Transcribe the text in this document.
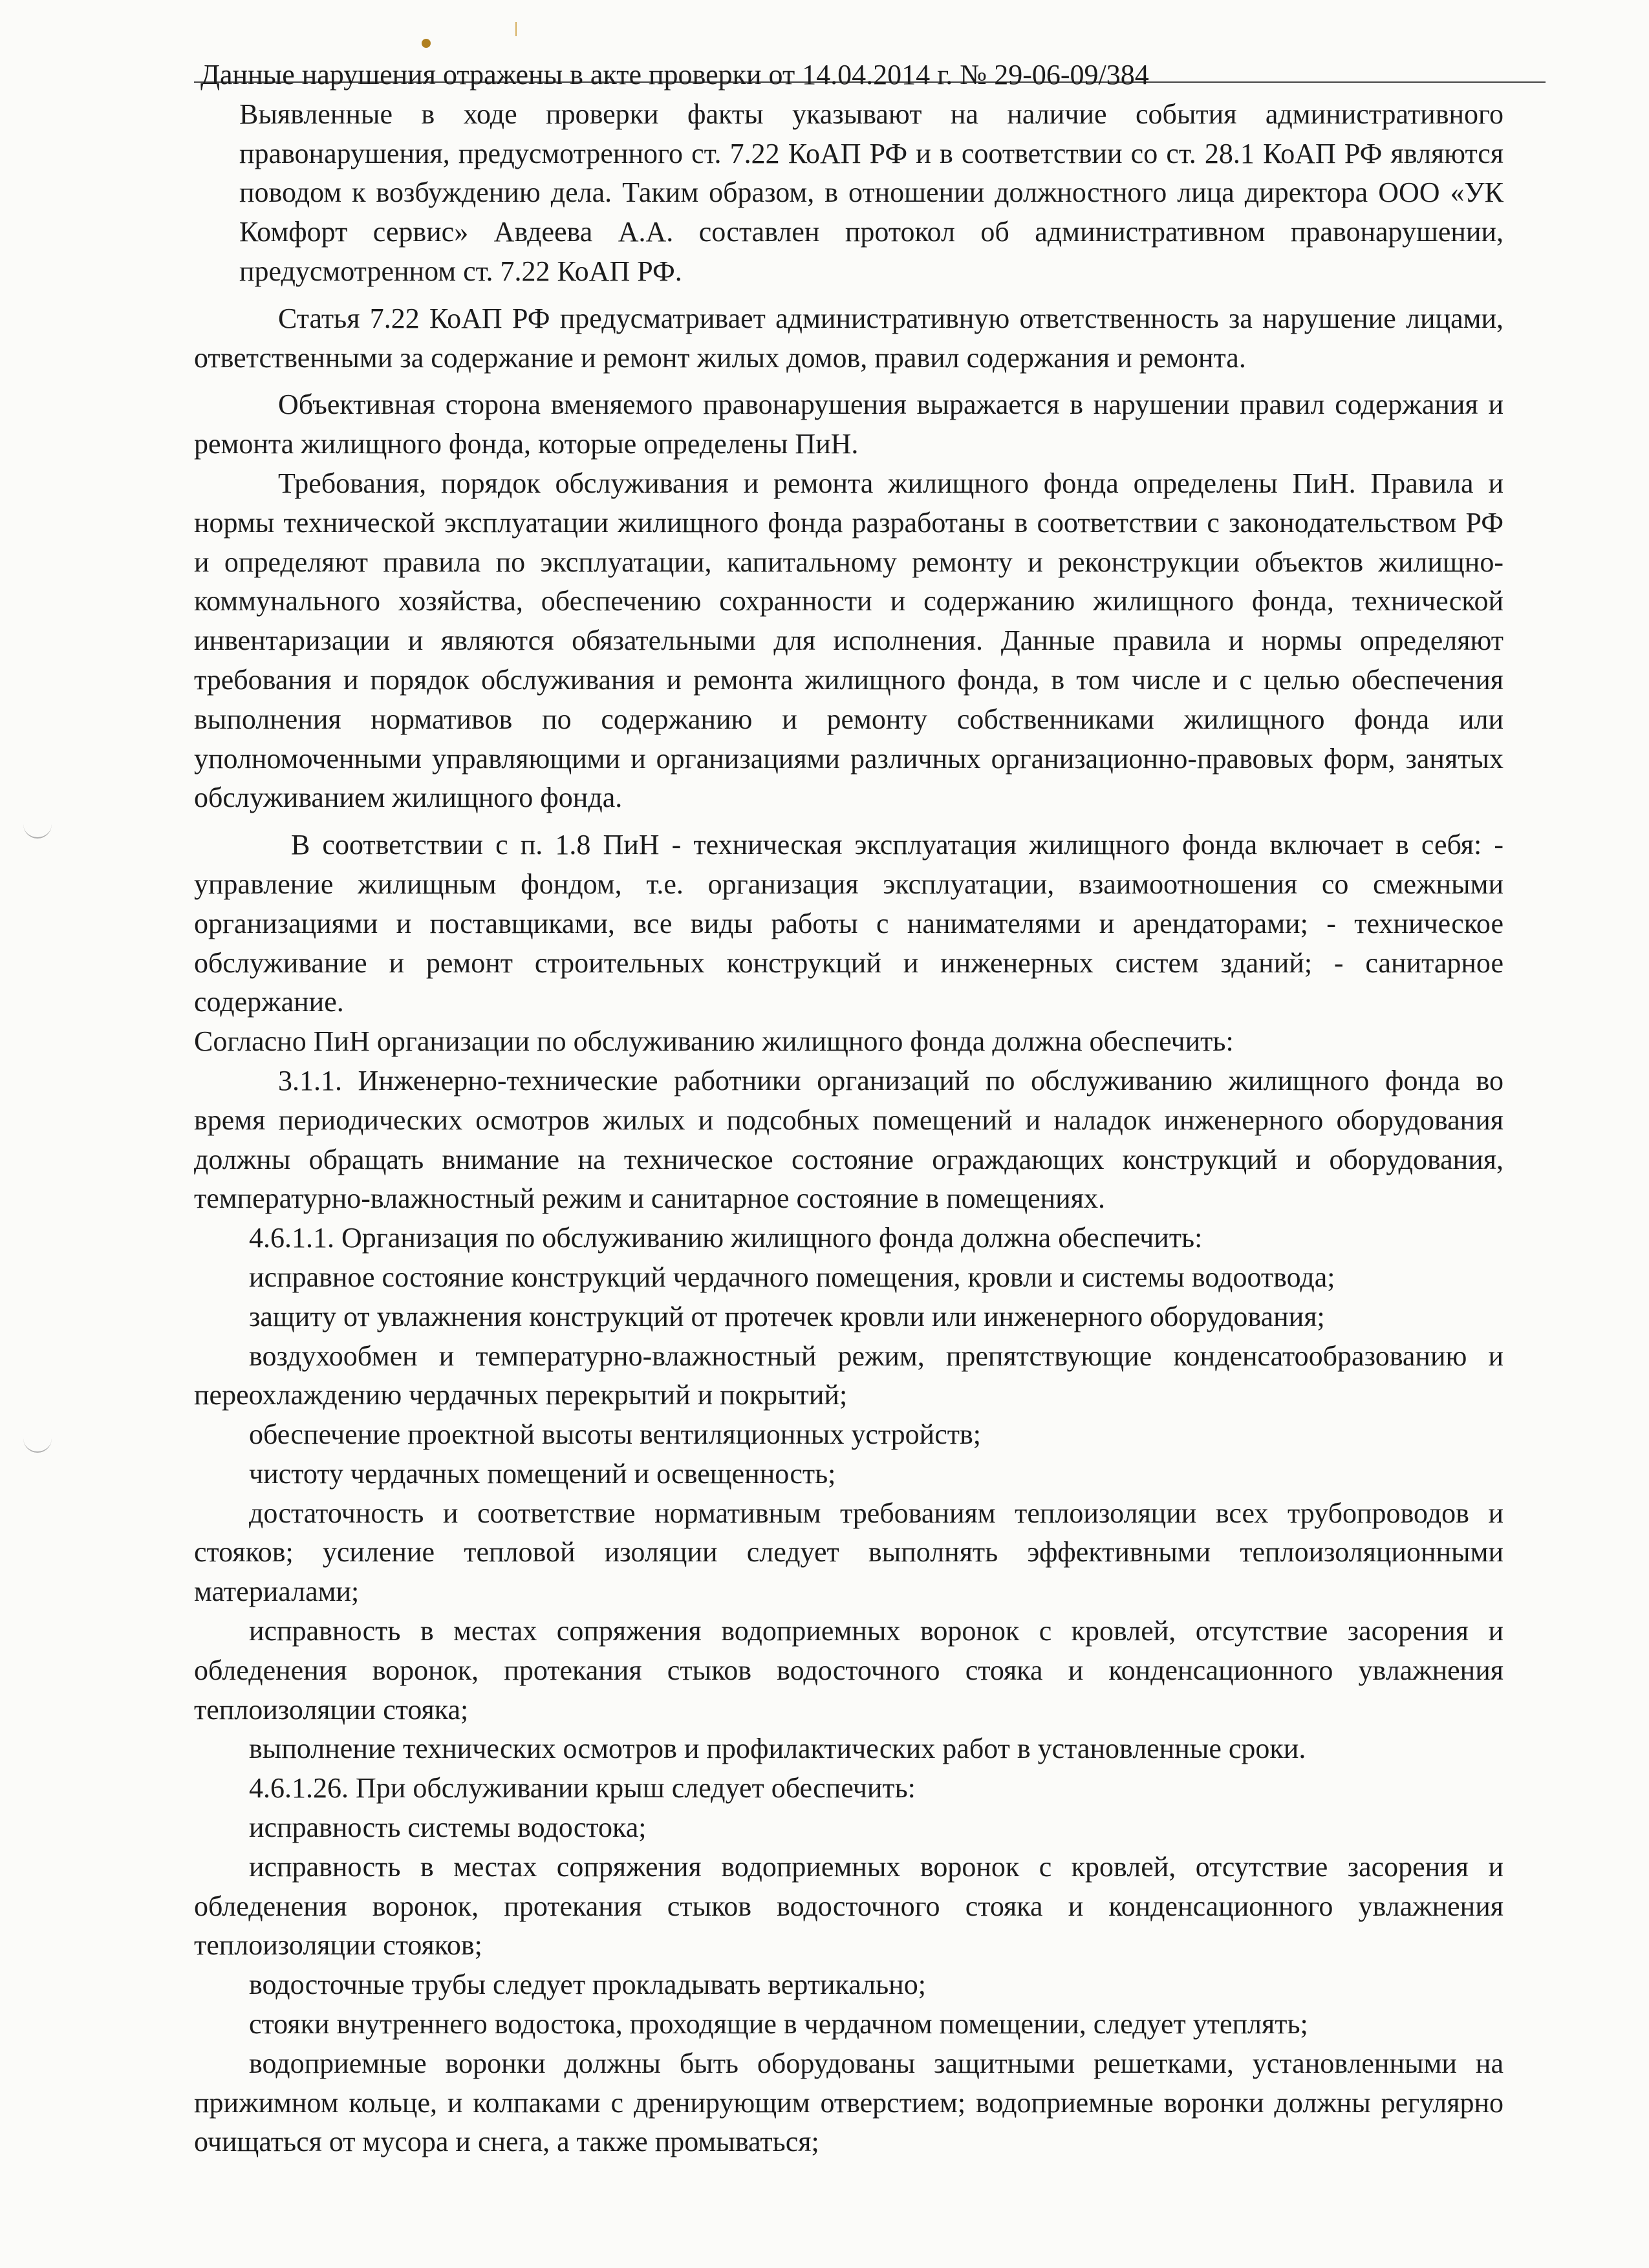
Данные нарушения отражены в акте проверки от 14.04.2014 г. № 29-06-09/384

Выявленные в ходе проверки факты указывают на наличие события административного правонарушения, предусмотренного ст. 7.22 КоАП РФ и в соответствии со ст. 28.1 КоАП РФ являются поводом к возбуждению дела. Таким образом, в отношении должностного лица директора ООО «УК Комфорт сервис» Авдеева А.А. составлен протокол об административном правонарушении, предусмотренном ст. 7.22 КоАП РФ.

Статья 7.22 КоАП РФ предусматривает административную ответственность за нарушение лицами, ответственными за содержание и ремонт жилых домов, правил содержания и ремонта.

Объективная сторона вменяемого правонарушения выражается в нарушении правил содержания и ремонта жилищного фонда, которые определены ПиН.

Требования, порядок обслуживания и ремонта жилищного фонда определены ПиН. Правила и нормы технической эксплуатации жилищного фонда разработаны в соответствии с законодательством РФ и определяют правила по эксплуатации, капитальному ремонту и реконструкции объектов жилищно-коммунального хозяйства, обеспечению сохранности и содержанию жилищного фонда, технической инвентаризации и являются обязательными для исполнения. Данные правила и нормы определяют требования и порядок обслуживания и ремонта жилищного фонда, в том числе и с целью обеспечения выполнения нормативов по содержанию и ремонту собственниками жилищного фонда или уполномоченными управляющими и организациями различных организационно-правовых форм, занятых обслуживанием жилищного фонда.

В соответствии с п. 1.8 ПиН - техническая эксплуатация жилищного фонда включает в себя: - управление жилищным фондом, т.е. организация эксплуатации, взаимоотношения со смежными организациями и поставщиками, все виды работы с нанимателями и арендаторами; - техническое обслуживание и ремонт строительных конструкций и инженерных систем зданий; - санитарное содержание.

Согласно ПиН организации по обслуживанию жилищного фонда должна обеспечить:

3.1.1. Инженерно-технические работники организаций по обслуживанию жилищного фонда во время периодических осмотров жилых и подсобных помещений и наладок инженерного оборудования должны обращать внимание на техническое состояние ограждающих конструкций и оборудования, температурно-влажностный режим и санитарное состояние в помещениях.

4.6.1.1. Организация по обслуживанию жилищного фонда должна обеспечить:

исправное состояние конструкций чердачного помещения, кровли и системы водоотвода;

защиту от увлажнения конструкций от протечек кровли или инженерного оборудования;

воздухообмен и температурно-влажностный режим, препятствующие конденсатообразованию и переохлаждению чердачных перекрытий и покрытий;

обеспечение проектной высоты вентиляционных устройств;

чистоту чердачных помещений и освещенность;

достаточность и соответствие нормативным требованиям теплоизоляции всех трубопроводов и стояков; усиление тепловой изоляции следует выполнять эффективными теплоизоляционными материалами;

исправность в местах сопряжения водоприемных воронок с кровлей, отсутствие засорения и обледенения воронок, протекания стыков водосточного стояка и конденсационного увлажнения теплоизоляции стояка;

выполнение технических осмотров и профилактических работ в установленные сроки.

4.6.1.26. При обслуживании крыш следует обеспечить:

исправность системы водостока;

исправность в местах сопряжения водоприемных воронок с кровлей, отсутствие засорения и обледенения воронок, протекания стыков водосточного стояка и конденсационного увлажнения теплоизоляции стояков;

водосточные трубы следует прокладывать вертикально;

стояки внутреннего водостока, проходящие в чердачном помещении, следует утеплять;

водоприемные воронки должны быть оборудованы защитными решетками, установленными на прижимном кольце, и колпаками с дренирующим отверстием; водоприемные воронки должны регулярно очищаться от мусора и снега, а также промываться;
